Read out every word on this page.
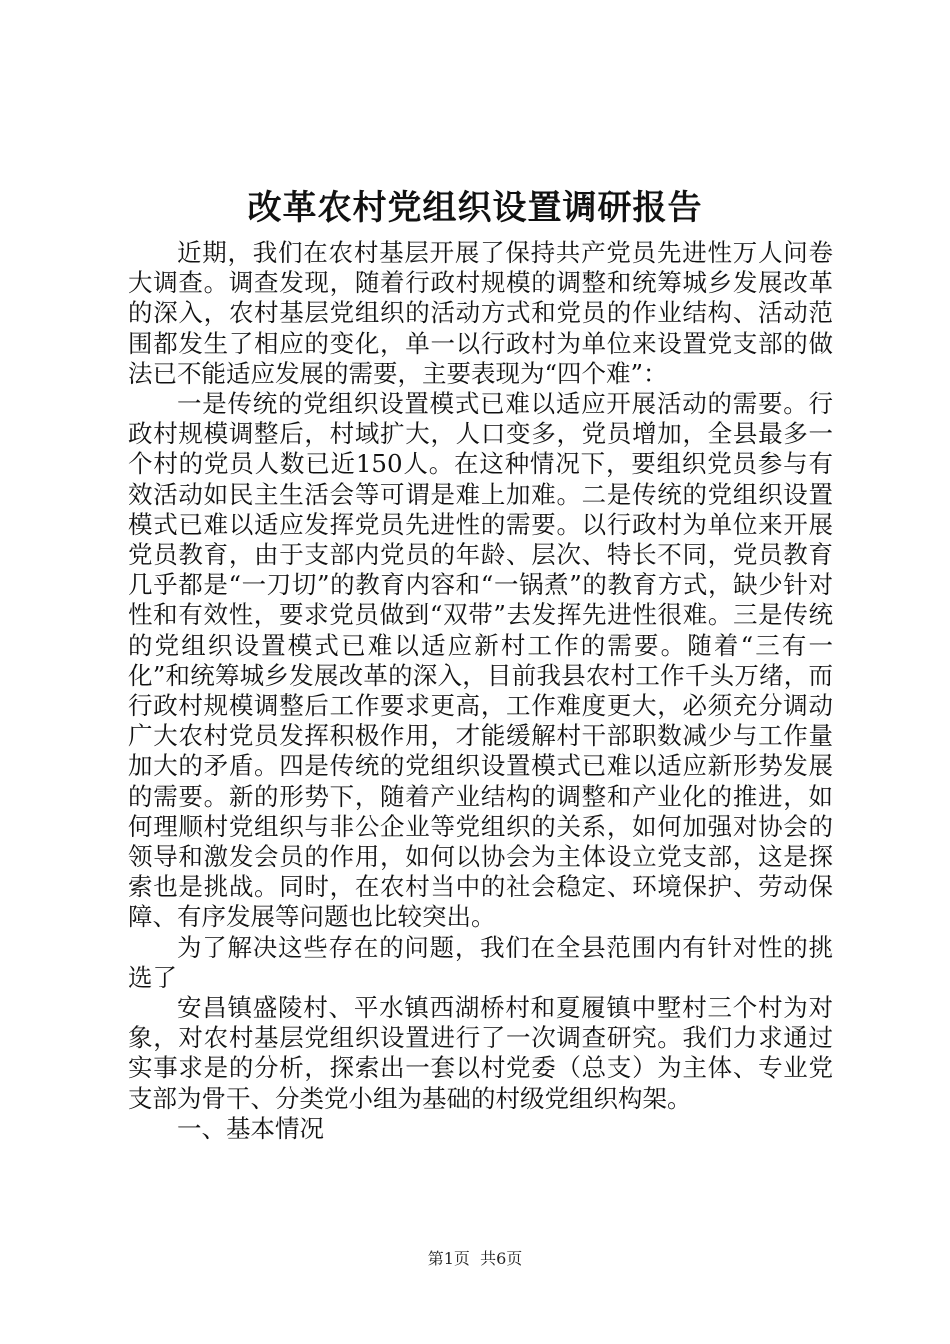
改革农村党组织设置调研报告

近期，我们在农村基层开展了保持共产党员先进性万人问卷大调查。调查发现，随着行政村规模的调整和统筹城乡发展改革的深入，农村基层党组织的活动方式和党员的作业结构、活动范围都发生了相应的变化，单一以行政村为单位来设置党支部的做法已不能适应发展的需要，主要表现为“四个难”：

一是传统的党组织设置模式已难以适应开展活动的需要。行政村规模调整后，村域扩大，人口变多，党员增加，全县最多一个村的党员人数已近150人。在这种情况下，要组织党员参与有效活动如民主生活会等可谓是难上加难。二是传统的党组织设置模式已难以适应发挥党员先进性的需要。以行政村为单位来开展党员教育，由于支部内党员的年龄、层次、特长不同，党员教育几乎都是“一刀切”的教育内容和“一锅煮”的教育方式，缺少针对性和有效性，要求党员做到“双带”去发挥先进性很难。三是传统的党组织设置模式已难以适应新村工作的需要。随着“三有一化”和统筹城乡发展改革的深入，目前我县农村工作千头万绪，而行政村规模调整后工作要求更高，工作难度更大，必须充分调动广大农村党员发挥积极作用，才能缓解村干部职数减少与工作量加大的矛盾。四是传统的党组织设置模式已难以适应新形势发展的需要。新的形势下，随着产业结构的调整和产业化的推进，如何理顺村党组织与非公企业等党组织的关系，如何加强对协会的领导和激发会员的作用，如何以协会为主体设立党支部，这是探索也是挑战。同时，在农村当中的社会稳定、环境保护、劳动保障、有序发展等问题也比较突出。

为了解决这些存在的问题，我们在全县范围内有针对性的挑选了

安昌镇盛陵村、平水镇西湖桥村和夏履镇中墅村三个村为对象，对农村基层党组织设置进行了一次调查研究。我们力求通过实事求是的分析，探索出一套以村党委（总支）为主体、专业党支部为骨干、分类党小组为基础的村级党组织构架。

一、基本情况

第1页 共6页
